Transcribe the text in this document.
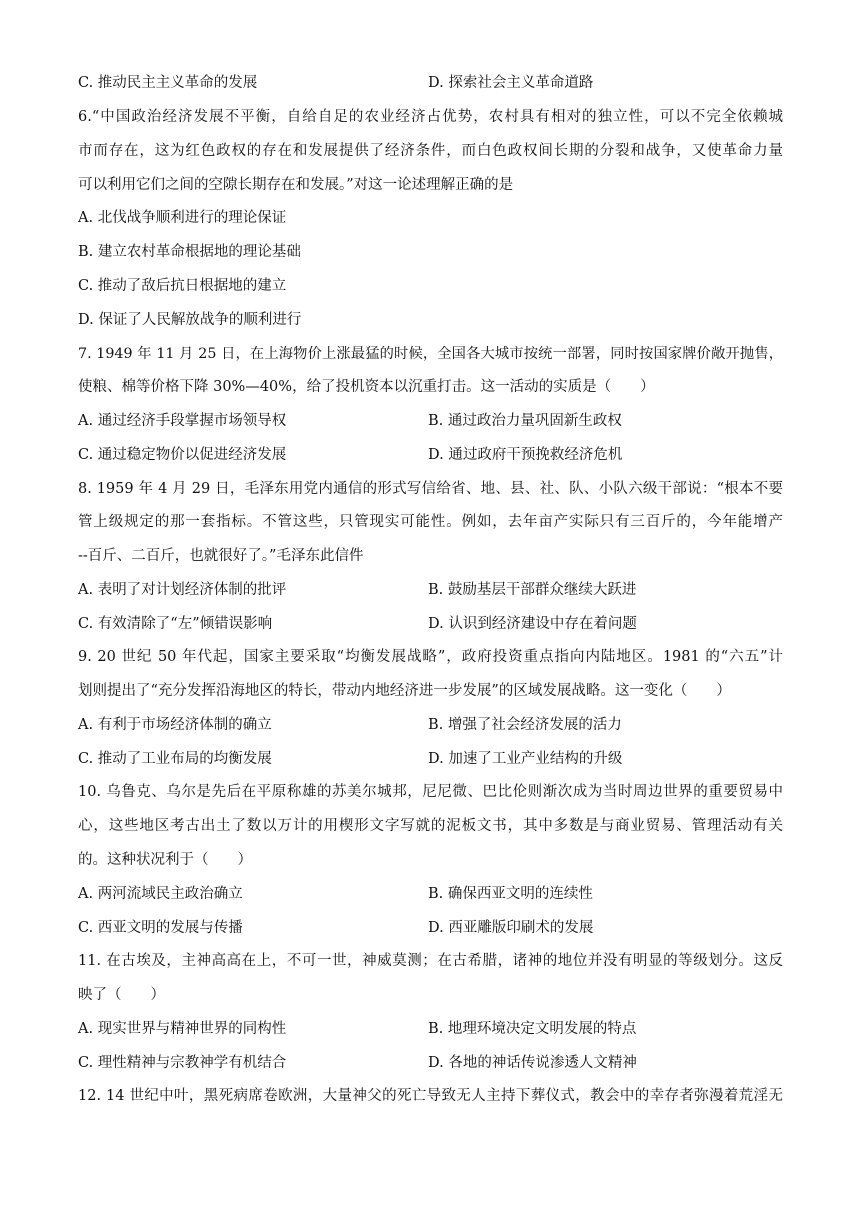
C. 推动民主主义革命的发展	D. 探索社会主义革命道路
6.“中国政治经济发展不平衡，自给自足的农业经济占优势，农村具有相对的独立性，可以不完全依赖城
市而存在，这为红色政权的存在和发展提供了经济条件，而白色政权间长期的分裂和战争，又使革命力量
可以利用它们之间的空隙长期存在和发展。”对这一论述理解正确的是
A. 北伐战争顺利进行的理论保证
B. 建立农村革命根据地的理论基础
C. 推动了敌后抗日根据地的建立
D. 保证了人民解放战争的顺利进行
7. 1949 年 11 月 25 日，在上海物价上涨最猛的时候，全国各大城市按统一部署，同时按国家牌价敞开抛售，
使粮、棉等价格下降 30%—40%，给了投机资本以沉重打击。这一活动的实质是（　　）
A. 通过经济手段掌握市场领导权	B. 通过政治力量巩固新生政权
C. 通过稳定物价以促进经济发展	D. 通过政府干预挽救经济危机
8. 1959 年 4 月 29 日，毛泽东用党内通信的形式写信给省、地、县、社、队、小队六级干部说：“根本不要
管上级规定的那一套指标。不管这些，只管现实可能性。例如，去年亩产实际只有三百斤的，今年能增产
--百斤、二百斤，也就很好了。”毛泽东此信件
A. 表明了对计划经济体制的批评	B. 鼓励基层干部群众继续大跃进
C. 有效清除了“左”倾错误影响	D. 认识到经济建设中存在着问题
9. 20 世纪 50 年代起，国家主要采取“均衡发展战略”，政府投资重点指向内陆地区。1981 的“六五”计
划则提出了“充分发挥沿海地区的特长，带动内地经济进一步发展”的区域发展战略。这一变化（　　）
A. 有利于市场经济体制的确立	B. 增强了社会经济发展的活力
C. 推动了工业布局的均衡发展	D. 加速了工业产业结构的升级
10. 乌鲁克、乌尔是先后在平原称雄的苏美尔城邦，尼尼微、巴比伦则渐次成为当时周边世界的重要贸易中
心，这些地区考古出土了数以万计的用楔形文字写就的泥板文书，其中多数是与商业贸易、管理活动有关
的。这种状况利于（　　）
A. 两河流域民主政治确立	B. 确保西亚文明的连续性
C. 西亚文明的发展与传播	D. 西亚雕版印刷术的发展
11. 在古埃及，主神高高在上，不可一世，神威莫测；在古希腊，诸神的地位并没有明显的等级划分。这反
映了（　　）
A. 现实世界与精神世界的同构性	B. 地理环境决定文明发展的特点
C. 理性精神与宗教神学有机结合	D. 各地的神话传说渗透人文精神
12. 14 世纪中叶，黑死病席卷欧洲，大量神父的死亡导致无人主持下葬仪式，教会中的幸存者弥漫着荒淫无
